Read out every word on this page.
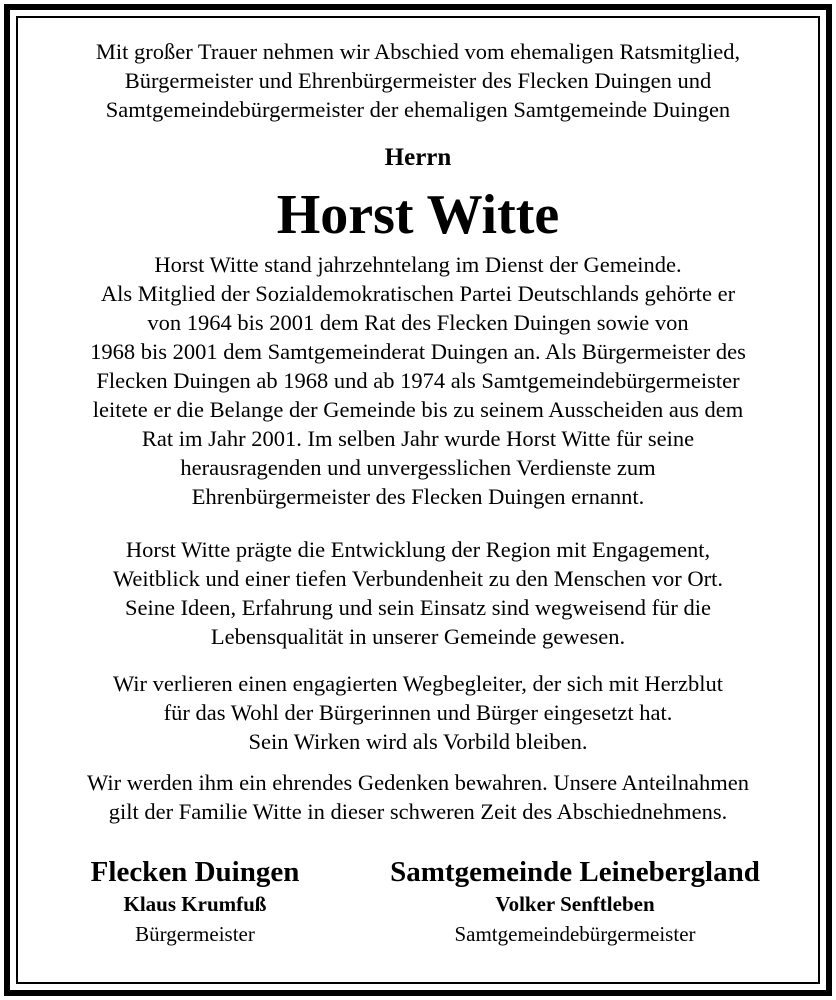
Mit großer Trauer nehmen wir Abschied vom ehemaligen Ratsmitglied,
Bürgermeister und Ehrenbürgermeister des Flecken Duingen und
Samtgemeindebürgermeister der ehemaligen Samtgemeinde Duingen
Herrn
Horst Witte
Horst Witte stand jahrzehntelang im Dienst der Gemeinde.
Als Mitglied der Sozialdemokratischen Partei Deutschlands gehörte er
von 1964 bis 2001 dem Rat des Flecken Duingen sowie von
1968 bis 2001 dem Samtgemeinderat Duingen an. Als Bürgermeister des
Flecken Duingen ab 1968 und ab 1974 als Samtgemeindebürgermeister
leitete er die Belange der Gemeinde bis zu seinem Ausscheiden aus dem
Rat im Jahr 2001. Im selben Jahr wurde Horst Witte für seine
herausragenden und unvergesslichen Verdienste zum
Ehrenbürgermeister des Flecken Duingen ernannt.
Horst Witte prägte die Entwicklung der Region mit Engagement,
Weitblick und einer tiefen Verbundenheit zu den Menschen vor Ort.
Seine Ideen, Erfahrung und sein Einsatz sind wegweisend für die
Lebensqualität in unserer Gemeinde gewesen.
Wir verlieren einen engagierten Wegbegleiter, der sich mit Herzblut
für das Wohl der Bürgerinnen und Bürger eingesetzt hat.
Sein Wirken wird als Vorbild bleiben.
Wir werden ihm ein ehrendes Gedenken bewahren. Unsere Anteilnahmen
gilt der Familie Witte in dieser schweren Zeit des Abschiednehmens.
Flecken Duingen
Klaus Krumfuß
Bürgermeister
Samtgemeinde Leinebergland
Volker Senftleben
Samtgemeindebürgermeister
